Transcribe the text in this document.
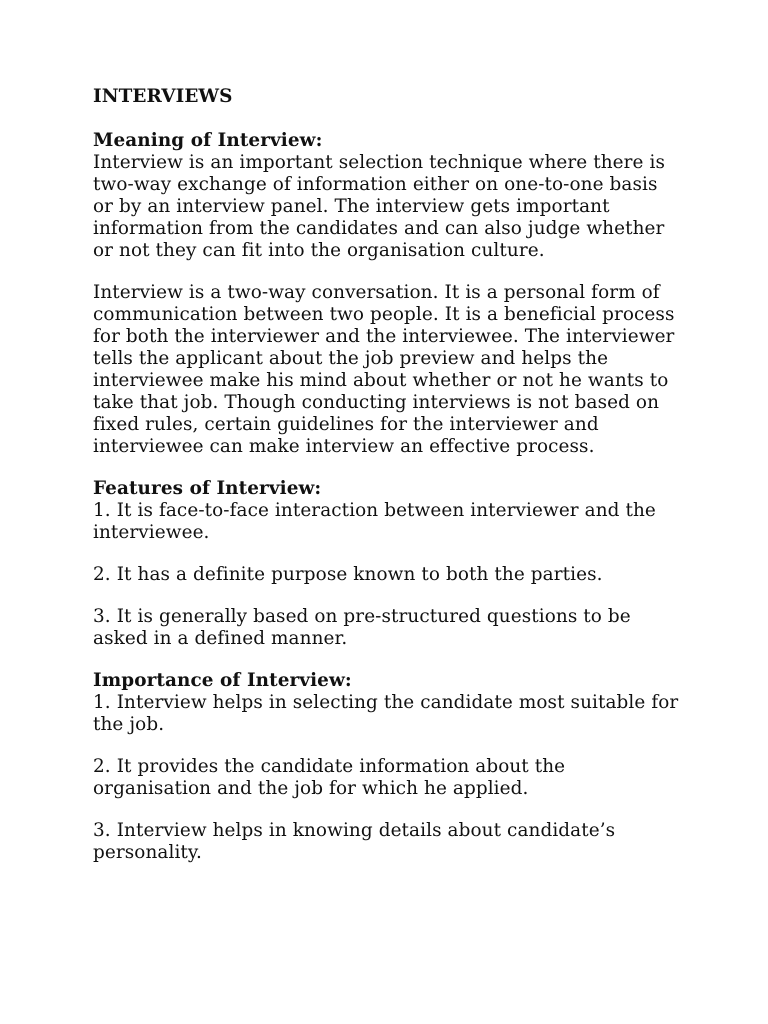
INTERVIEWS
Meaning of Interview:
Interview is an important selection technique where there is two-way exchange of information either on one-to-one basis or by an interview panel. The interview gets important information from the candidates and can also judge whether or not they can fit into the organisation culture.
Interview is a two-way conversation. It is a personal form of communication between two people. It is a beneficial process for both the interviewer and the interviewee. The interviewer tells the applicant about the job preview and helps the interviewee make his mind about whether or not he wants to take that job. Though conducting interviews is not based on fixed rules, certain guidelines for the interviewer and interviewee can make interview an effective process.
Features of Interview:
1. It is face-to-face interaction between interviewer and the interviewee.
2. It has a definite purpose known to both the parties.
3. It is generally based on pre-structured questions to be asked in a defined manner.
Importance of Interview:
1. Interview helps in selecting the candidate most suitable for the job.
2. It provides the candidate information about the organisation and the job for which he applied.
3. Interview helps in knowing details about candidate’s personality.
